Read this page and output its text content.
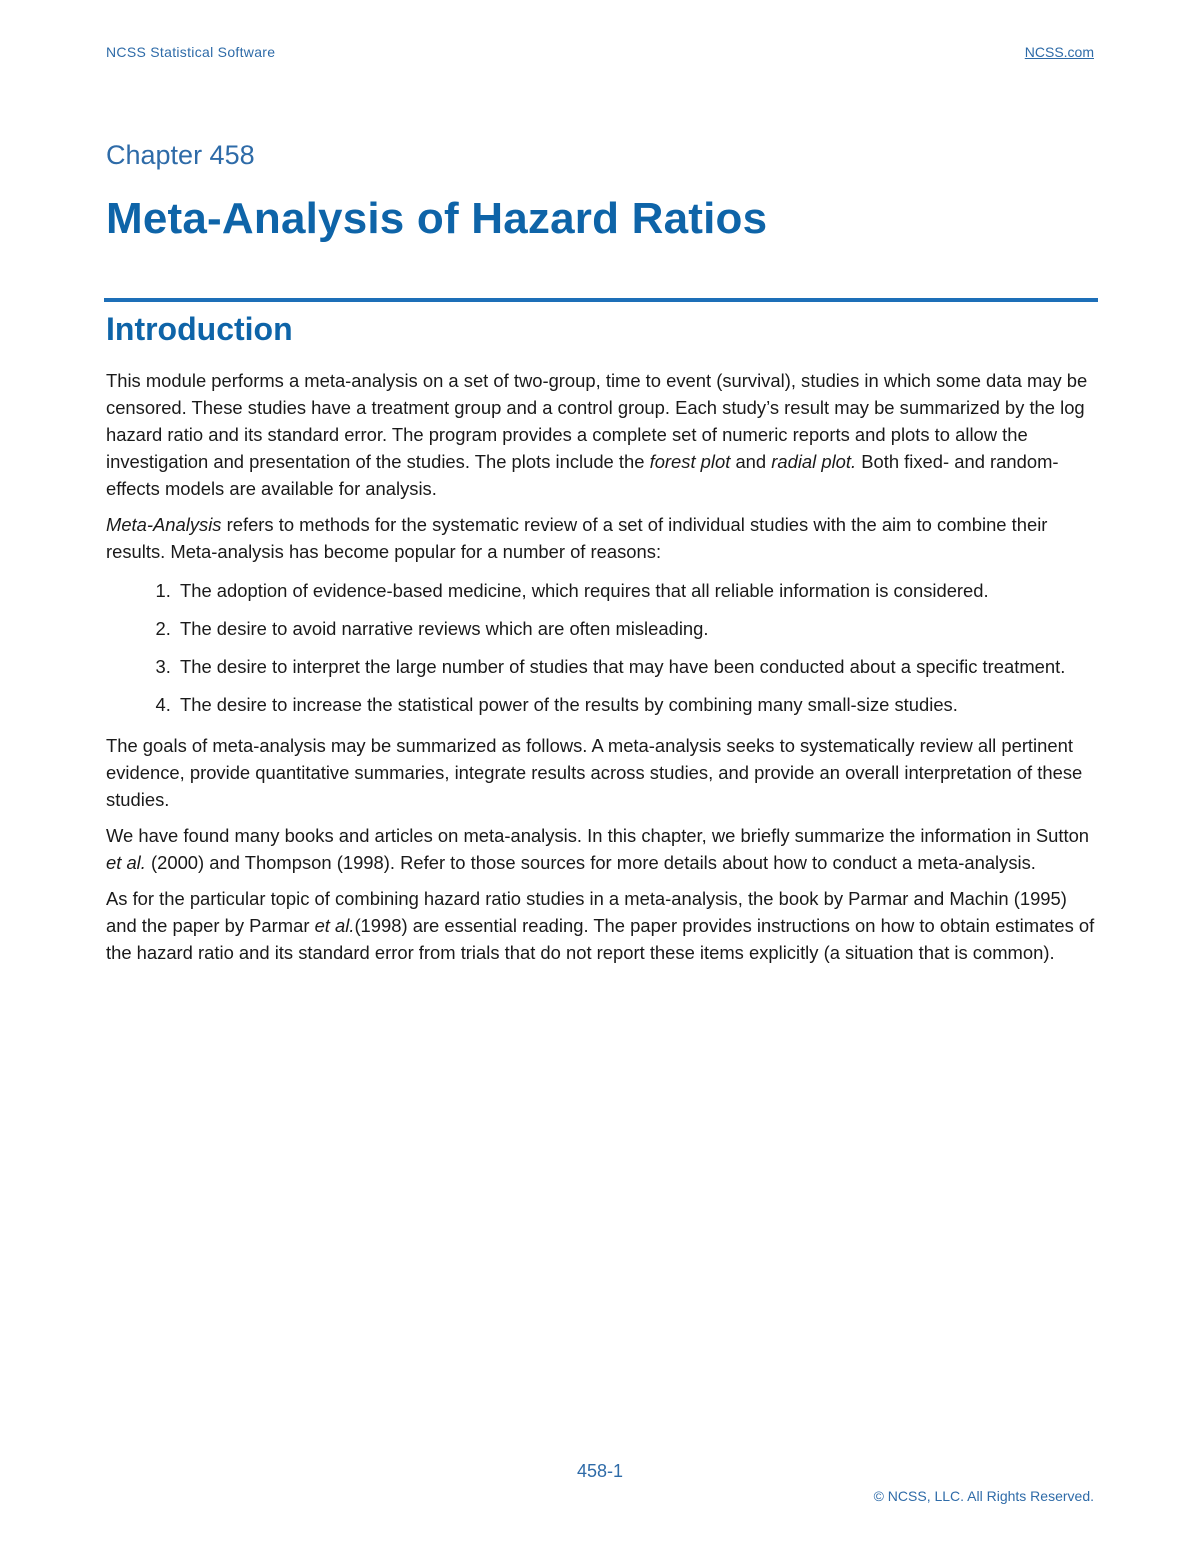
NCSS Statistical Software	NCSS.com
Chapter 458
Meta-Analysis of Hazard Ratios
Introduction

This module performs a meta-analysis on a set of two-group, time to event (survival), studies in which some data may be censored. These studies have a treatment group and a control group. Each study’s result may be summarized by the log hazard ratio and its standard error. The program provides a complete set of numeric reports and plots to allow the investigation and presentation of the studies. The plots include the forest plot and radial plot. Both fixed- and random-effects models are available for analysis.

Meta-Analysis refers to methods for the systematic review of a set of individual studies with the aim to combine their results. Meta-analysis has become popular for a number of reasons:

1. The adoption of evidence-based medicine, which requires that all reliable information is considered.
2. The desire to avoid narrative reviews which are often misleading.
3. The desire to interpret the large number of studies that may have been conducted about a specific treatment.
4. The desire to increase the statistical power of the results by combining many small-size studies.

The goals of meta-analysis may be summarized as follows. A meta-analysis seeks to systematically review all pertinent evidence, provide quantitative summaries, integrate results across studies, and provide an overall interpretation of these studies.

We have found many books and articles on meta-analysis. In this chapter, we briefly summarize the information in Sutton et al. (2000) and Thompson (1998). Refer to those sources for more details about how to conduct a meta-analysis.

As for the particular topic of combining hazard ratio studies in a meta-analysis, the book by Parmar and Machin (1995) and the paper by Parmar et al.(1998) are essential reading. The paper provides instructions on how to obtain estimates of the hazard ratio and its standard error from trials that do not report these items explicitly (a situation that is common).

458-1
© NCSS, LLC. All Rights Reserved.
